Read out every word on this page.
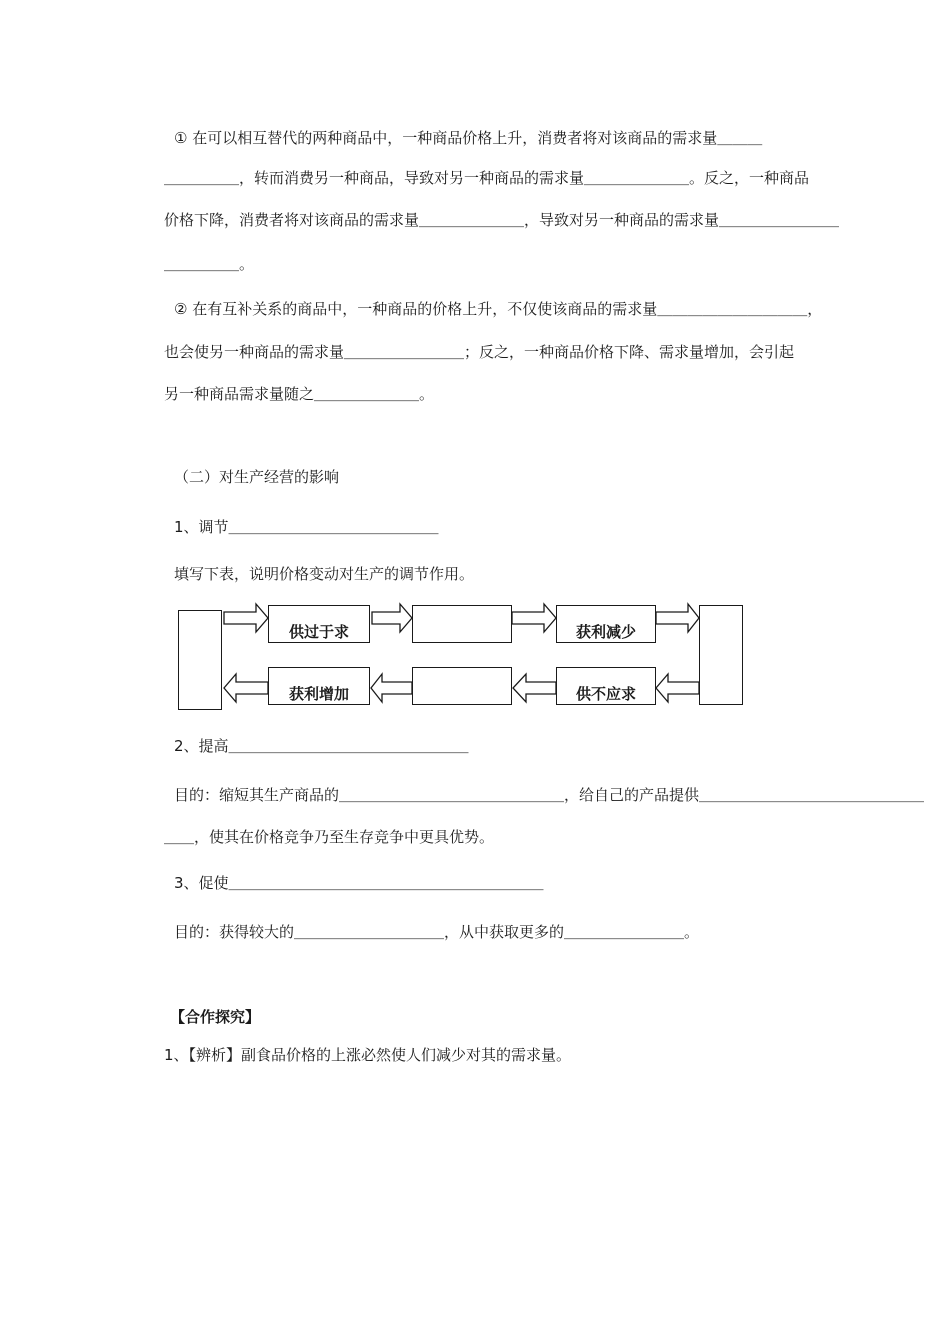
① 在可以相互替代的两种商品中，一种商品价格上升，消费者将对该商品的需求量＿＿＿
＿＿＿＿＿，转而消费另一种商品，导致对另一种商品的需求量＿＿＿＿＿＿＿。反之，一种商品
价格下降，消费者将对该商品的需求量＿＿＿＿＿＿＿，导致对另一种商品的需求量＿＿＿＿＿＿＿＿
＿＿＿＿＿。
② 在有互补关系的商品中，一种商品的价格上升，不仅使该商品的需求量＿＿＿＿＿＿＿＿＿＿，
也会使另一种商品的需求量＿＿＿＿＿＿＿＿；反之，一种商品价格下降、需求量增加，会引起
另一种商品需求量随之＿＿＿＿＿＿＿。
（二）对生产经营的影响
1、调节＿＿＿＿＿＿＿＿＿＿＿＿＿＿
填写下表，说明价格变动对生产的调节作用。
供过于求	获利减少
获利增加	供不应求
2、提高＿＿＿＿＿＿＿＿＿＿＿＿＿＿＿＿
目的：缩短其生产商品的＿＿＿＿＿＿＿＿＿＿＿＿＿＿＿，给自己的产品提供＿＿＿＿＿＿＿＿＿＿＿＿＿＿＿
＿＿，使其在价格竞争乃至生存竞争中更具优势。
3、促使＿＿＿＿＿＿＿＿＿＿＿＿＿＿＿＿＿＿＿＿＿
目的：获得较大的＿＿＿＿＿＿＿＿＿＿，从中获取更多的＿＿＿＿＿＿＿＿。
【合作探究】
1、【辨析】副食品价格的上涨必然使人们减少对其的需求量。
